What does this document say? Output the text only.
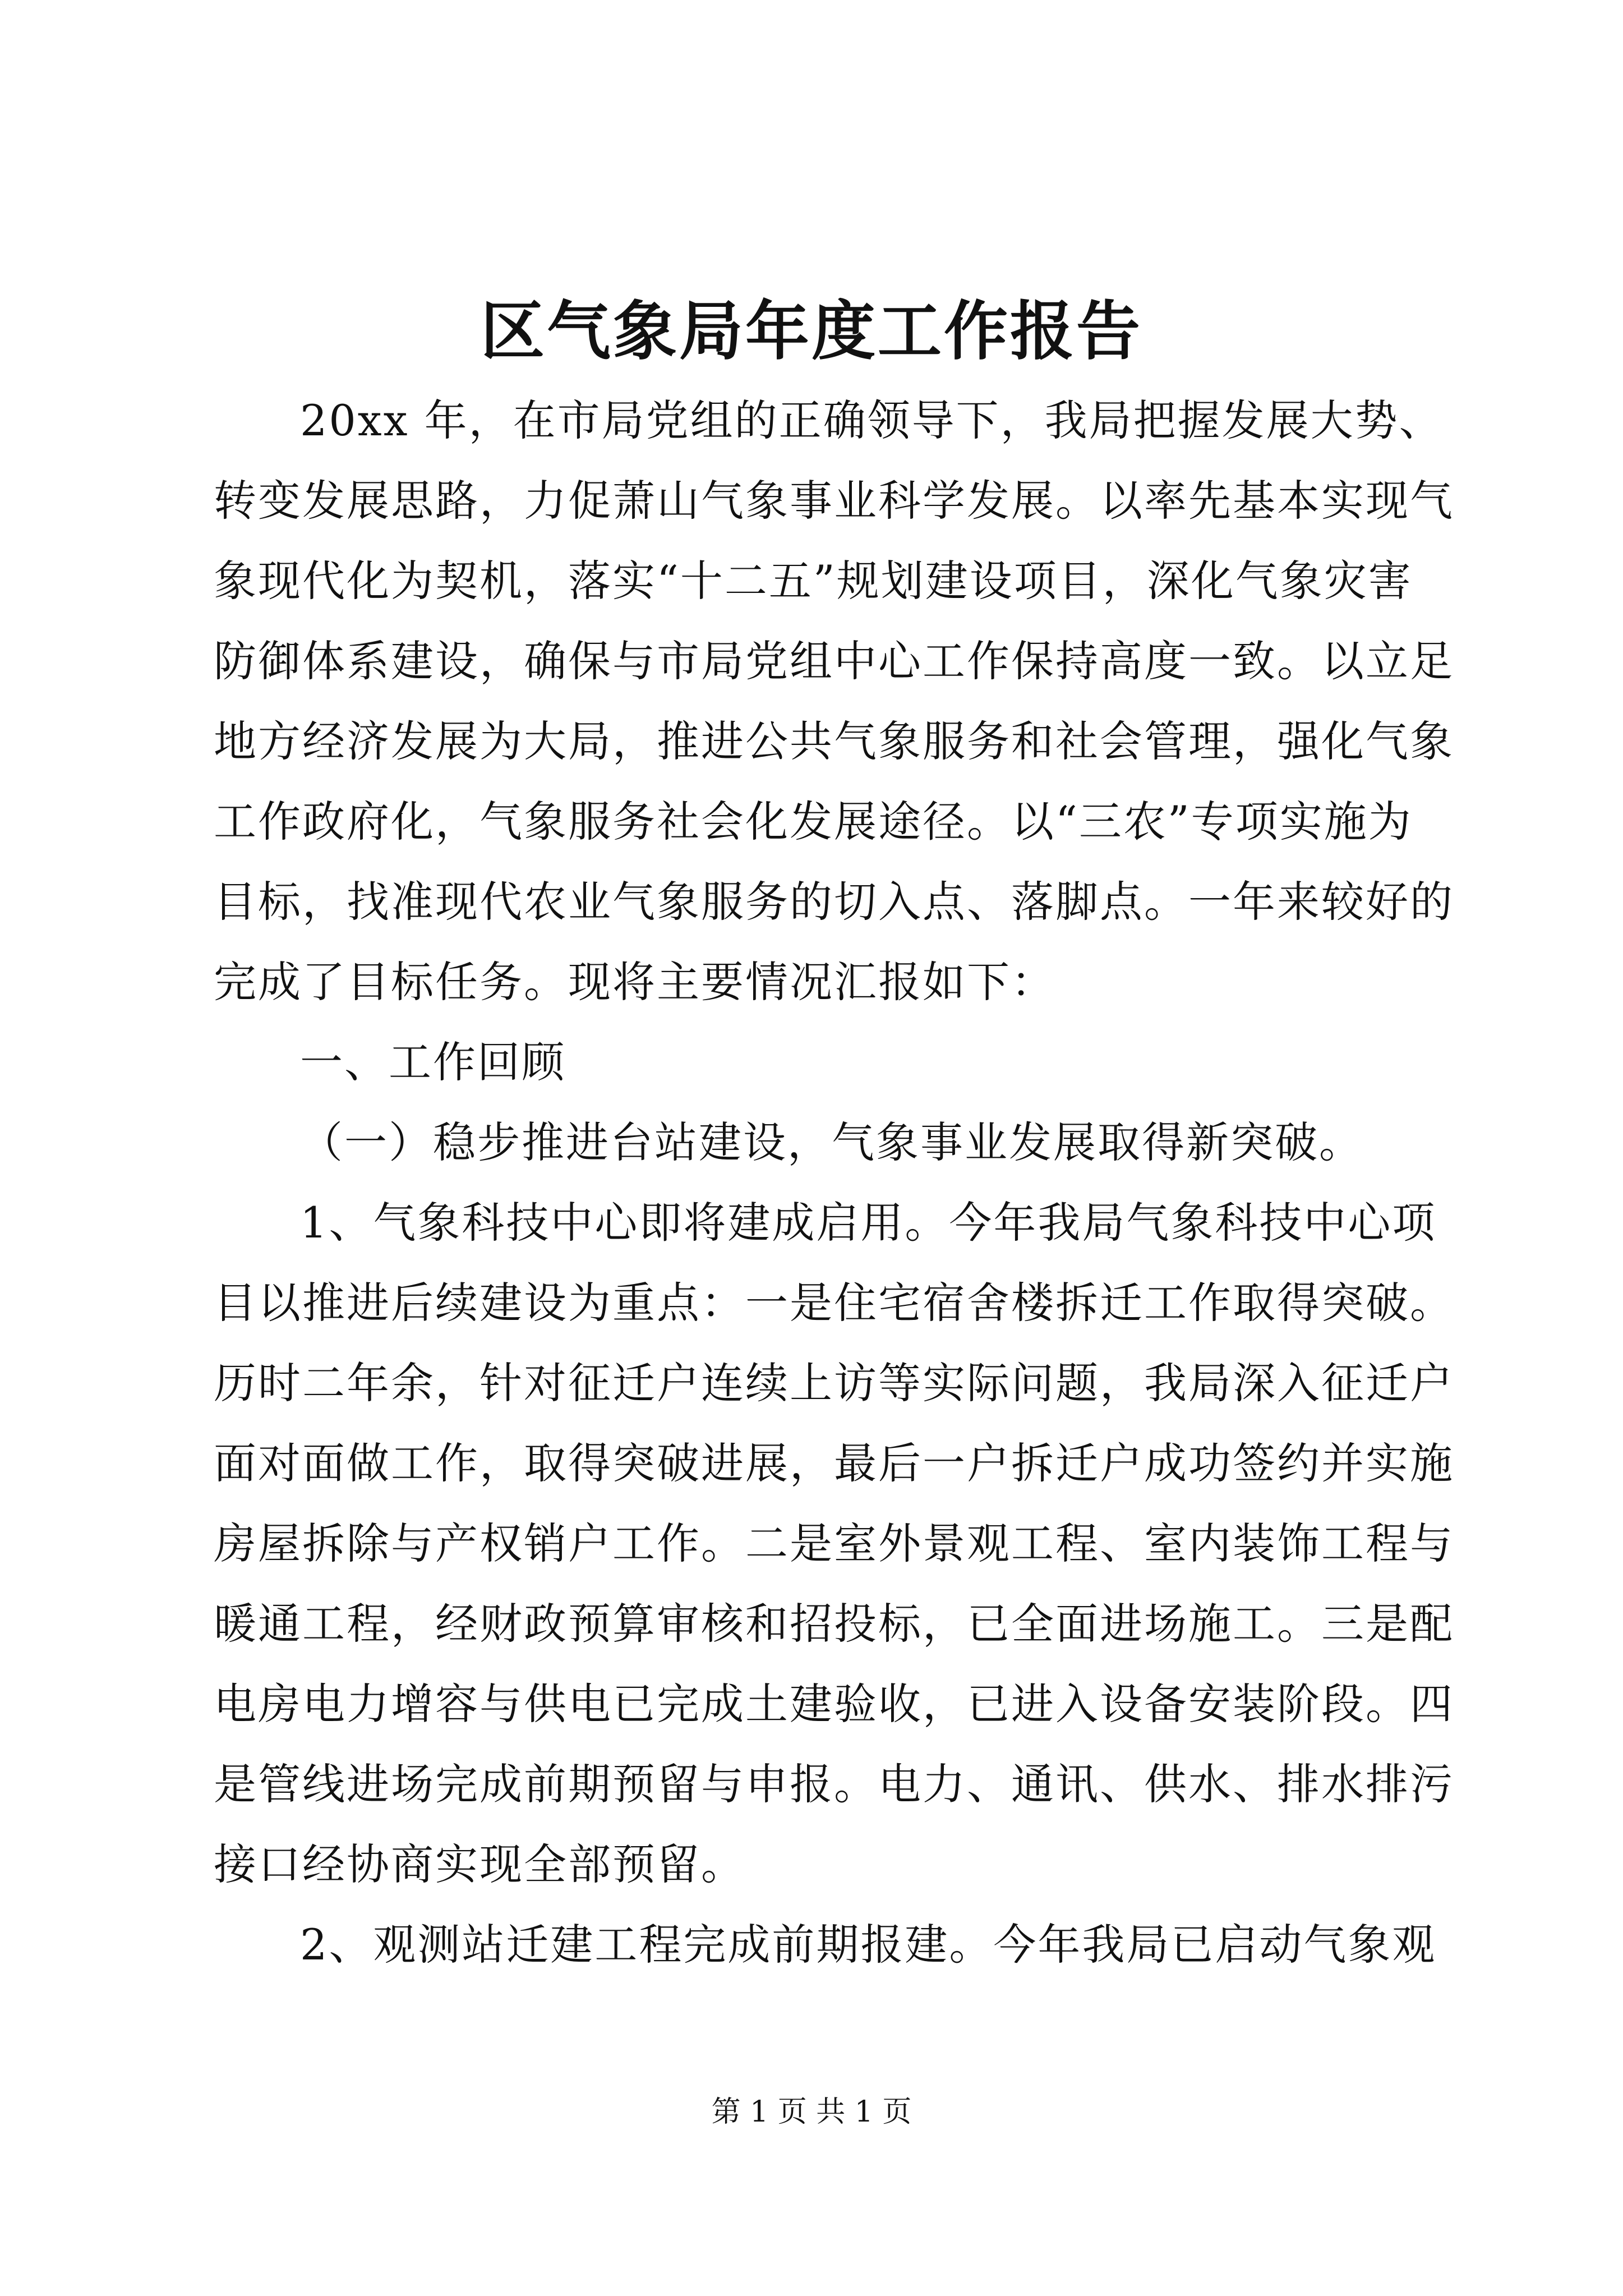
区气象局年度工作报告

20xx 年，在市局党组的正确领导下，我局把握发展大势、

转变发展思路，力促萧山气象事业科学发展。以率先基本实现气

象现代化为契机，落实“十二五”规划建设项目，深化气象灾害

防御体系建设，确保与市局党组中心工作保持高度一致。以立足

地方经济发展为大局，推进公共气象服务和社会管理，强化气象

工作政府化，气象服务社会化发展途径。以“三农”专项实施为

目标，找准现代农业气象服务的切入点、落脚点。一年来较好的

完成了目标任务。现将主要情况汇报如下：

一、工作回顾

（一）稳步推进台站建设，气象事业发展取得新突破。

1、气象科技中心即将建成启用。今年我局气象科技中心项

目以推进后续建设为重点：一是住宅宿舍楼拆迁工作取得突破。

历时二年余，针对征迁户连续上访等实际问题，我局深入征迁户

面对面做工作，取得突破进展，最后一户拆迁户成功签约并实施

房屋拆除与产权销户工作。二是室外景观工程、室内装饰工程与

暖通工程，经财政预算审核和招投标，已全面进场施工。三是配

电房电力增容与供电已完成土建验收，已进入设备安装阶段。四

是管线进场完成前期预留与申报。电力、通讯、供水、排水排污

接口经协商实现全部预留。

2、观测站迁建工程完成前期报建。今年我局已启动气象观

第 1 页 共 1 页
